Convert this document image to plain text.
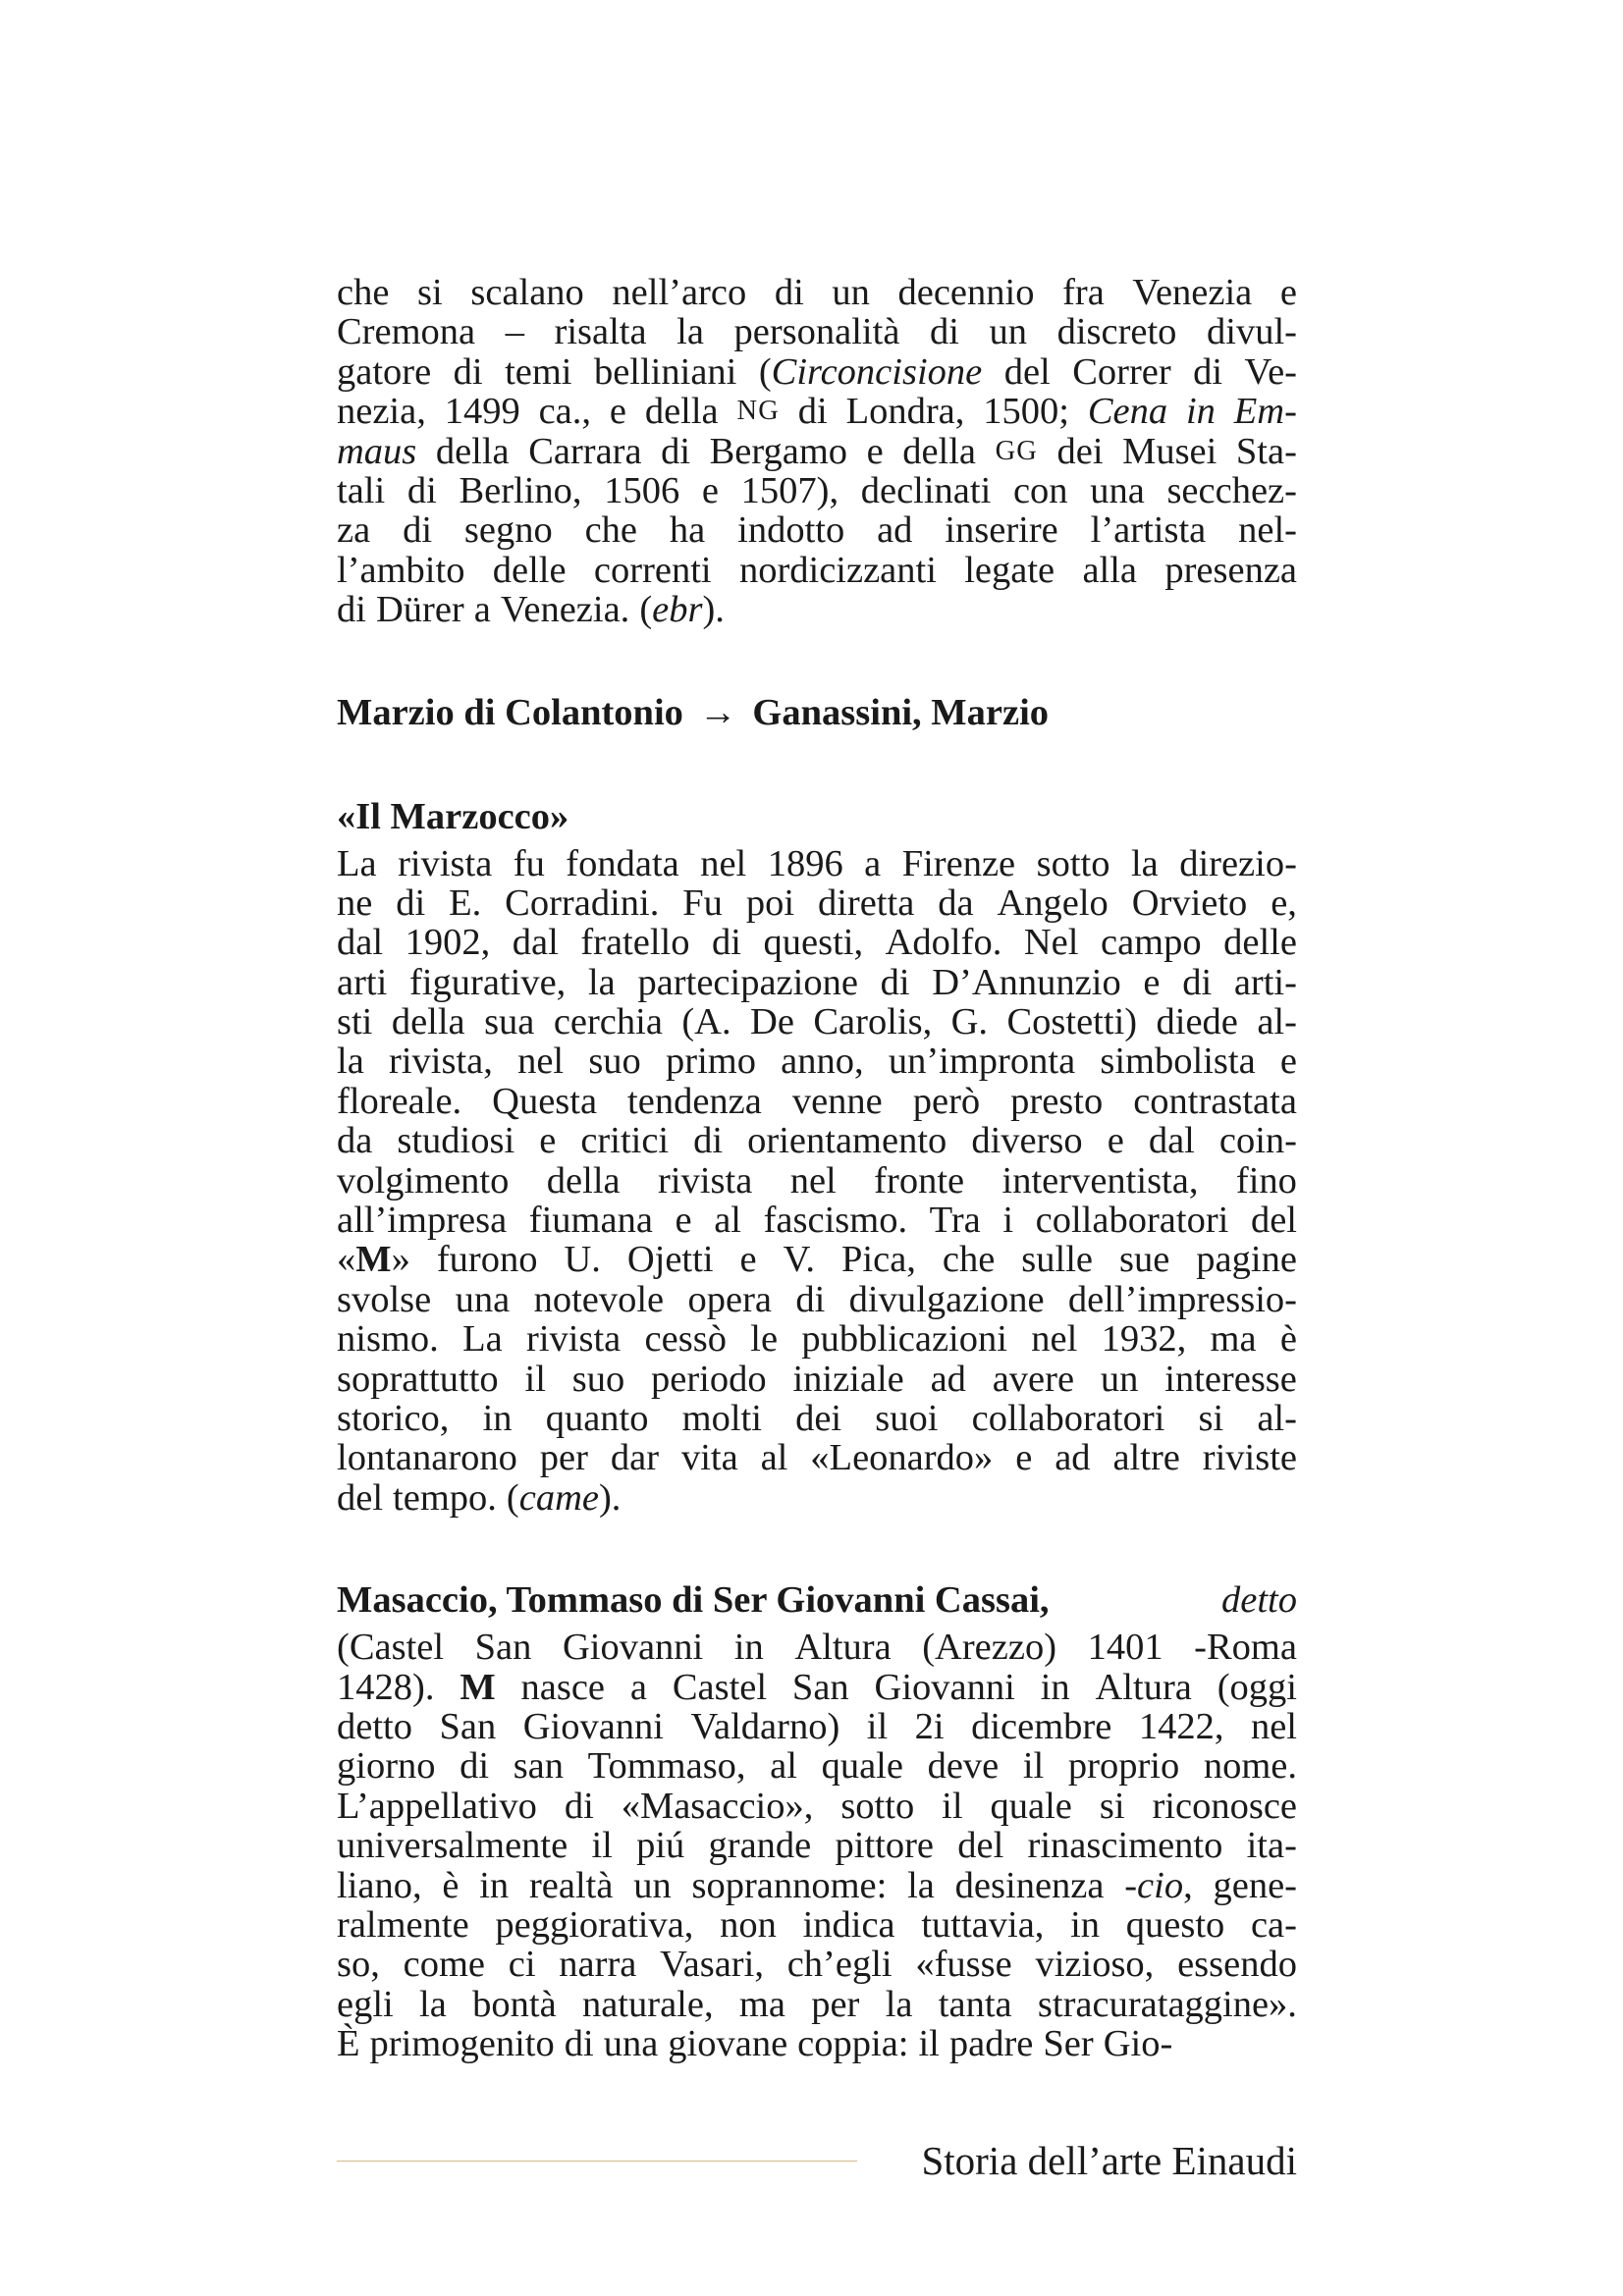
che si scalano nell’arco di un decennio fra Venezia e
Cremona – risalta la personalità di un discreto divul-
gatore di temi belliniani (Circoncisione del Correr di Ve-
nezia, 1499 ca., e della NG di Londra, 1500; Cena in Em-
maus della Carrara di Bergamo e della GG dei Musei Sta-
tali di Berlino, 1506 e 1507), declinati con una secchez-
za di segno che ha indotto ad inserire l’artista nel-
l’ambito delle correnti nordicizzanti legate alla presenza
di Dürer a Venezia. (ebr).
Marzio di Colantonio → Ganassini, Marzio
«Il Marzocco»
La rivista fu fondata nel 1896 a Firenze sotto la direzio-
ne di E. Corradini. Fu poi diretta da Angelo Orvieto e,
dal 1902, dal fratello di questi, Adolfo. Nel campo delle
arti figurative, la partecipazione di D’Annunzio e di arti-
sti della sua cerchia (A. De Carolis, G. Costetti) diede al-
la rivista, nel suo primo anno, un’impronta simbolista e
floreale. Questa tendenza venne però presto contrastata
da studiosi e critici di orientamento diverso e dal coin-
volgimento della rivista nel fronte interventista, fino
all’impresa fiumana e al fascismo. Tra i collaboratori del
«M» furono U. Ojetti e V. Pica, che sulle sue pagine
svolse una notevole opera di divulgazione dell’impressio-
nismo. La rivista cessò le pubblicazioni nel 1932, ma è
soprattutto il suo periodo iniziale ad avere un interesse
storico, in quanto molti dei suoi collaboratori si al-
lontanarono per dar vita al «Leonardo» e ad altre riviste
del tempo. (came).
Masaccio, Tommaso di Ser Giovanni Cassai,	detto
(Castel San Giovanni in Altura (Arezzo) 1401 -Roma
1428). M nasce a Castel San Giovanni in Altura (oggi
detto San Giovanni Valdarno) il 2i dicembre 1422, nel
giorno di san Tommaso, al quale deve il proprio nome.
L’appellativo di «Masaccio», sotto il quale si riconosce
universalmente il piú grande pittore del rinascimento ita-
liano, è in realtà un soprannome: la desinenza -cio, gene-
ralmente peggiorativa, non indica tuttavia, in questo ca-
so, come ci narra Vasari, ch’egli «fusse vizioso, essendo
egli la bontà naturale, ma per la tanta stracurataggine».
È primogenito di una giovane coppia: il padre Ser Gio-
Storia dell’arte Einaudi
